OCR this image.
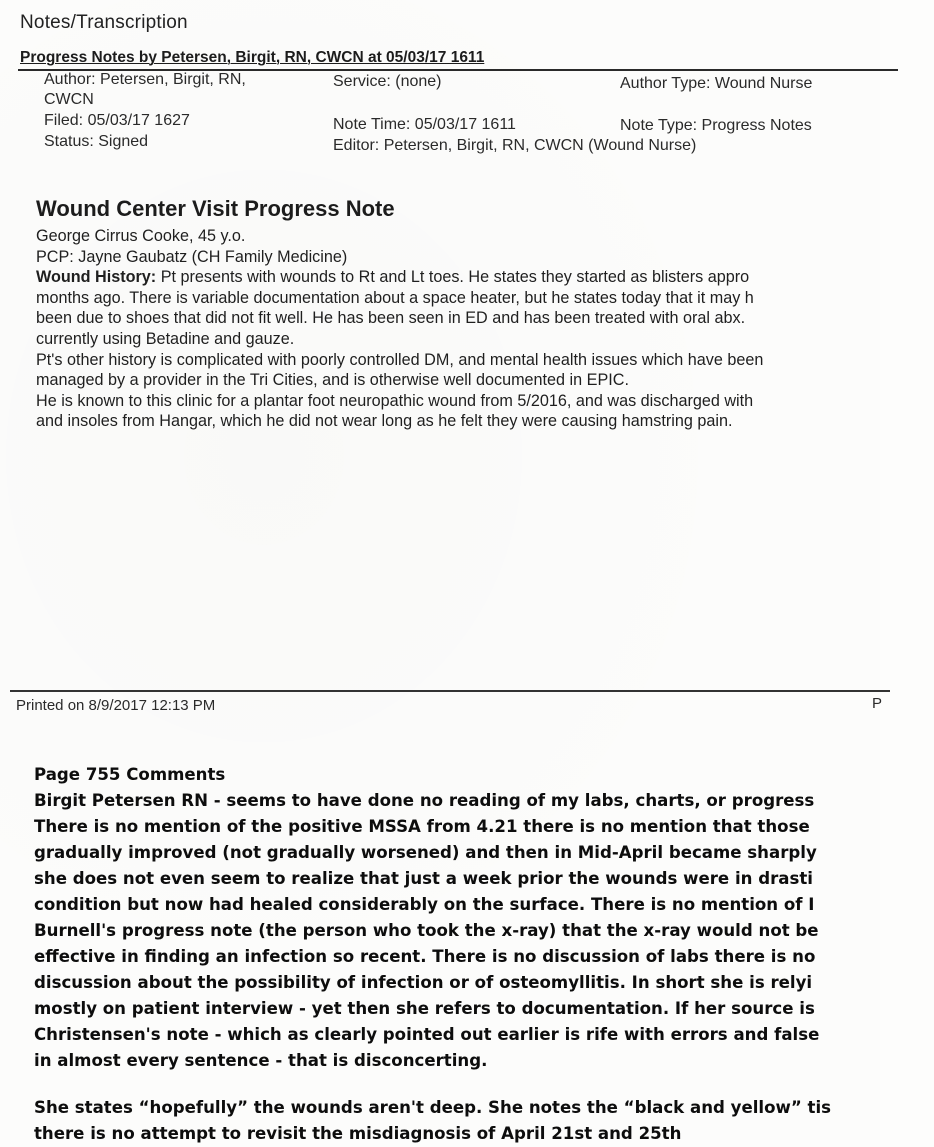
Notes/Transcription
Progress Notes by Petersen, Birgit, RN, CWCN at 05/03/17 1611
Author: Petersen, Birgit, RN,
CWCN
Service: (none)	Author Type: Wound Nurse
Filed: 05/03/17 1627	Note Time: 05/03/17 1611	Note Type: Progress Notes
Status: Signed	Editor: Petersen, Birgit, RN, CWCN (Wound Nurse)
Wound Center Visit Progress Note
George Cirrus Cooke, 45 y.o.
PCP: Jayne Gaubatz (CH Family Medicine)
Wound History: Pt presents with wounds to Rt and Lt toes. He states they started as blisters appro
months ago. There is variable documentation about a space heater, but he states today that it may h
been due to shoes that did not fit well. He has been seen in ED and has been treated with oral abx.
currently using Betadine and gauze.
Pt's other history is complicated with poorly controlled DM, and mental health issues which have been
managed by a provider in the Tri Cities, and is otherwise well documented in EPIC.
He is known to this clinic for a plantar foot neuropathic wound from 5/2016, and was discharged with
and insoles from Hangar, which he did not wear long as he felt they were causing hamstring pain.
Printed on 8/9/2017 12:13 PM	P
Page 755 Comments
Birgit Petersen RN - seems to have done no reading of my labs, charts, or progress
There is no mention of the positive MSSA from 4.21 there is no mention that those
gradually improved (not gradually worsened) and then in Mid-April became sharply
she does not even seem to realize that just a week prior the wounds were in drasti
condition but now had healed considerably on the surface. There is no mention of I
Burnell's progress note (the person who took the x-ray) that the x-ray would not be
effective in finding an infection so recent. There is no discussion of labs there is no
discussion about the possibility of infection or of osteomyllitis. In short she is relyi
mostly on patient interview - yet then she refers to documentation. If her source is
Christensen's note - which as clearly pointed out earlier is rife with errors and false
in almost every sentence - that is disconcerting.
She states “hopefully” the wounds aren't deep. She notes the “black and yellow” tis
there is no attempt to revisit the misdiagnosis of April 21st and 25th
